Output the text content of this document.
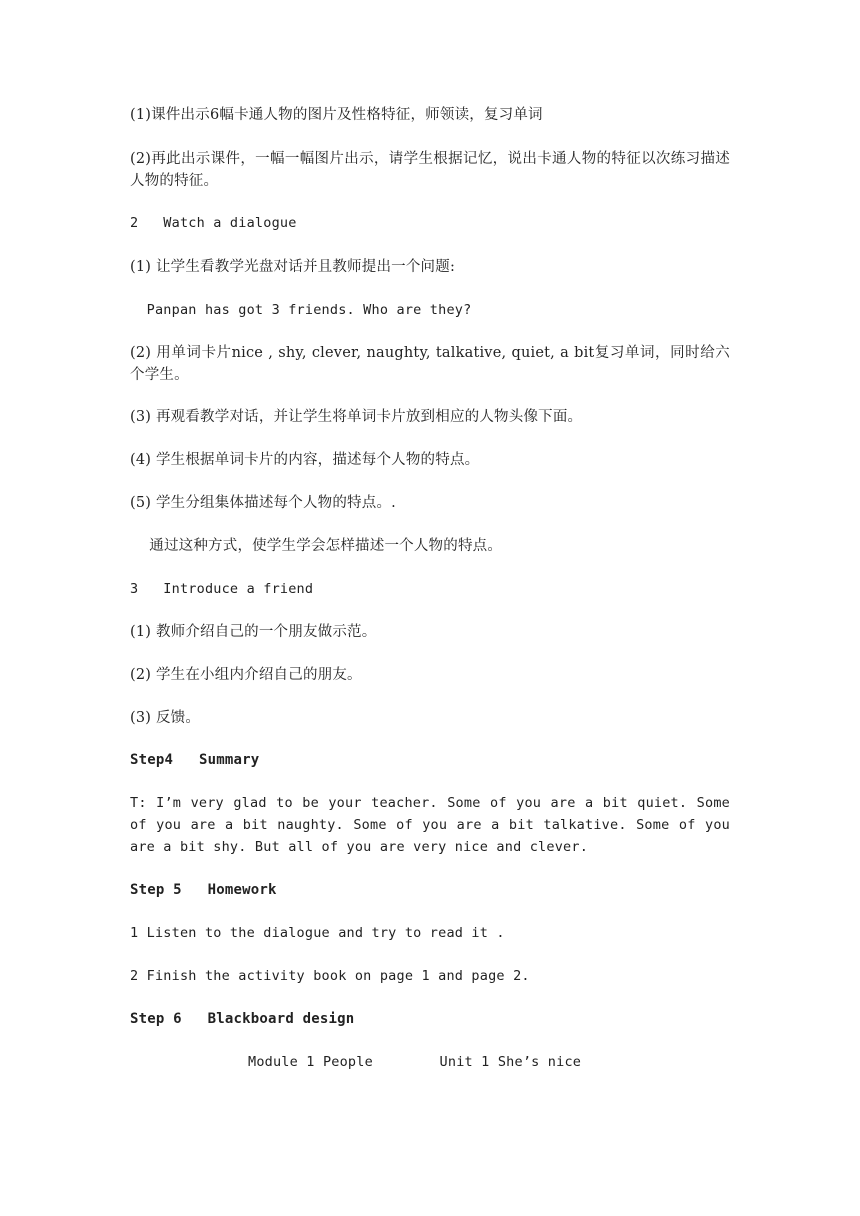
(1)课件出示6幅卡通人物的图片及性格特征，师领读，复习单词
(2)再此出示课件，一幅一幅图片出示，请学生根据记忆，说出卡通人物的特征以次练习描述人物的特征。
2   Watch a dialogue
(1) 让学生看教学光盘对话并且教师提出一个问题:
Panpan has got 3 friends. Who are they?
(2) 用单词卡片nice , shy, clever, naughty, talkative, quiet, a bit复习单词，同时给六个学生。
(3) 再观看教学对话，并让学生将单词卡片放到相应的人物头像下面。
(4) 学生根据单词卡片的内容，描述每个人物的特点。
(5) 学生分组集体描述每个人物的特点。.
通过这种方式，使学生学会怎样描述一个人物的特点。
3   Introduce a friend
(1) 教师介绍自己的一个朋友做示范。
(2) 学生在小组内介绍自己的朋友。
(3) 反馈。
Step4   Summary
T: I’m very glad to be your teacher. Some of you are a bit quiet. Some of you are a bit naughty. Some of you are a bit talkative. Some of you are a bit shy. But all of you are very nice and clever.
Step 5   Homework
1 Listen to the dialogue and try to read it .
2 Finish the activity book on page 1 and page 2.
Step 6   Blackboard design
Module 1 People        Unit 1 She’s nice
